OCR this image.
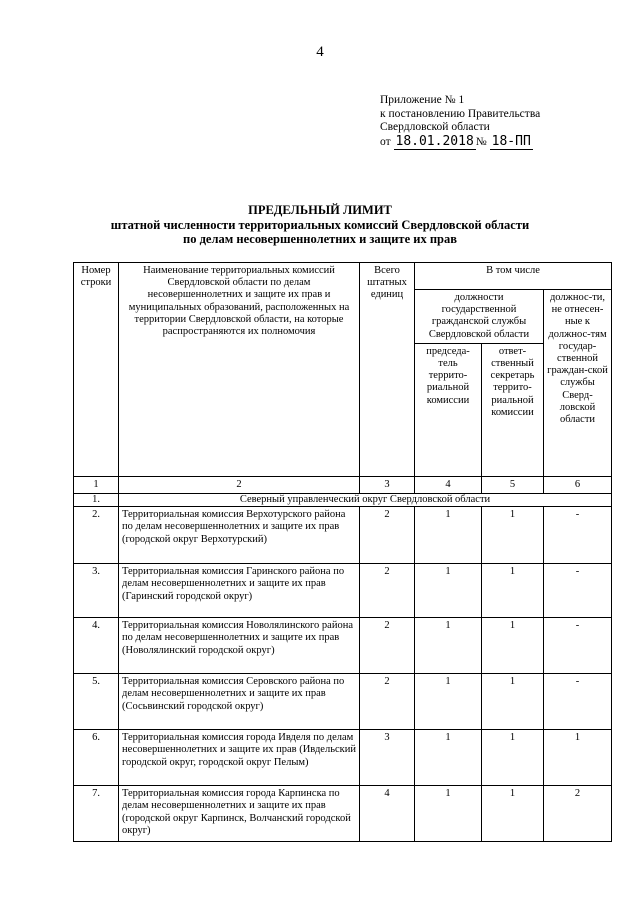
4
Приложение № 1
к постановлению Правительства
Свердловской области
от 18.01.2018 № 18-ПП
ПРЕДЕЛЬНЫЙ ЛИМИТ
штатной численности территориальных комиссий Свердловской области
по делам несовершеннолетних и защите их прав
Номер строки	Наименование территориальных комиссий Свердловской области по делам несовершеннолетних и защите их прав и муниципальных образований, расположенных на территории Свердловской области, на которые распространяются их полномочия	Всего штатных единиц	В том числе		
			должности государственной гражданской службы Свердловской области		должнос-ти, не отнесен-ные к должнос-тям государ-ственной граждан-ской службы Сверд-ловской области
			председа-тель террито-риальной комиссии	ответ-ственный секретарь террито-риальной комиссии	
1	2	3	4	5	6
1.	Северный управленческий округ Свердловской области				
2.	Территориальная комиссия Верхотурского района по делам несовершеннолетних и защите их прав (городской округ Верхотурский)	2	1	1	-
3.	Территориальная комиссия Гаринского района по делам несовершеннолетних и защите их прав (Гаринский городской округ)	2	1	1	-
4.	Территориальная комиссия Новолялинского района по делам несовершеннолетних и защите их прав (Новолялинский городской округ)	2	1	1	-
5.	Территориальная комиссия Серовского района по делам несовершеннолетних и защите их прав (Сосьвинский городской округ)	2	1	1	-
6.	Территориальная комиссия города Ивделя по делам несовершеннолетних и защите их прав (Ивдельский городской округ, городской округ Пелым)	3	1	1	1
7.	Территориальная комиссия города Карпинска по делам несовершеннолетних и защите их прав (городской округ Карпинск, Волчанский городской округ)	4	1	1	2
